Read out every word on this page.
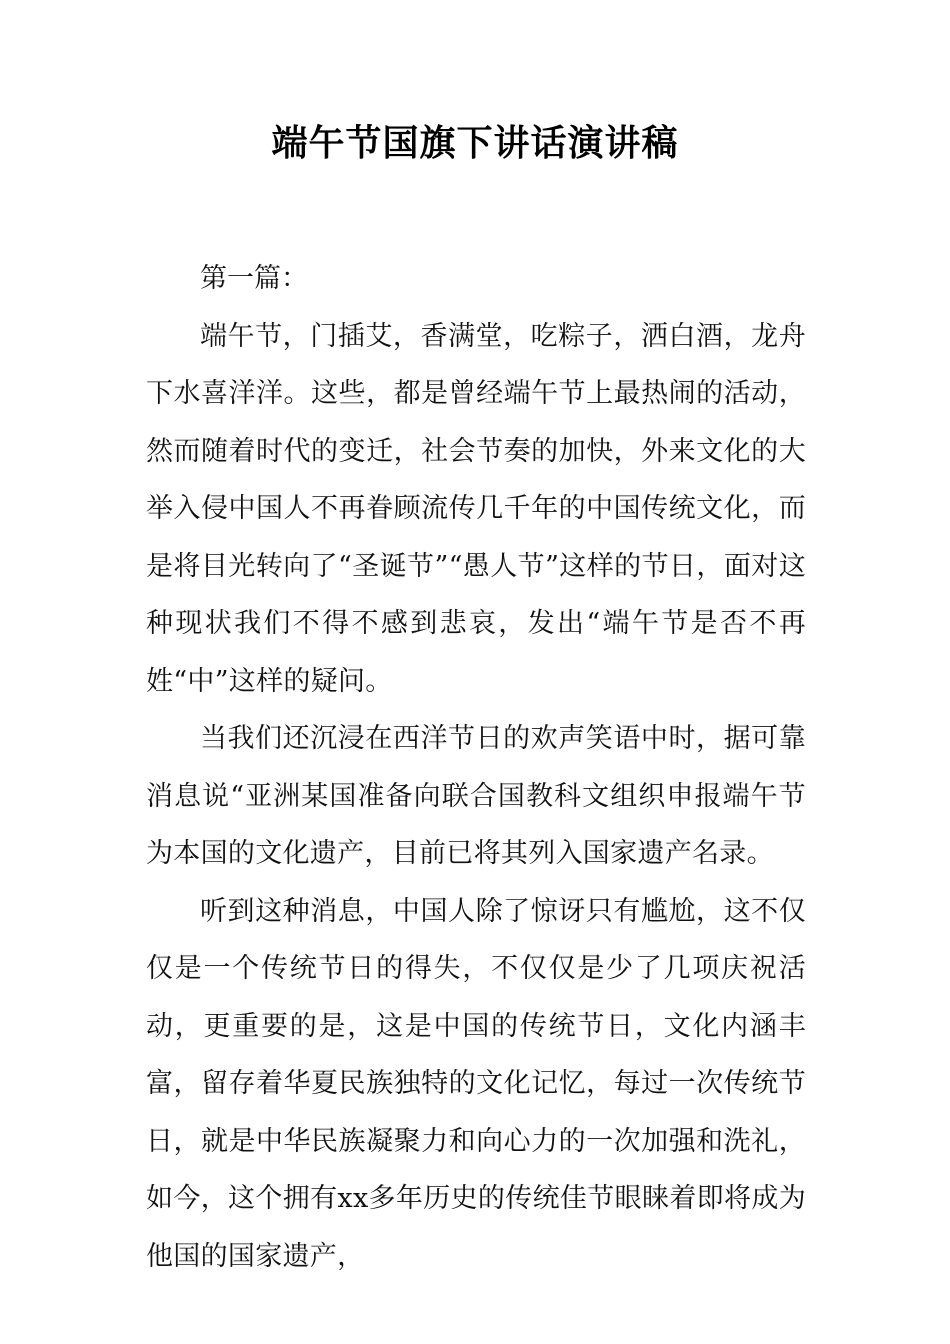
端午节国旗下讲话演讲稿

第一篇：

端午节，门插艾，香满堂，吃粽子，洒白酒，龙舟下水喜洋洋。这些，都是曾经端午节上最热闹的活动，然而随着时代的变迁，社会节奏的加快，外来文化的大举入侵中国人不再眷顾流传几千年的中国传统文化，而是将目光转向了“圣诞节”“愚人节”这样的节日，面对这种现状我们不得不感到悲哀，发出“端午节是否不再姓“中”这样的疑问。

当我们还沉浸在西洋节日的欢声笑语中时，据可靠消息说“亚洲某国准备向联合国教科文组织申报端午节为本国的文化遗产，目前已将其列入国家遗产名录。

听到这种消息，中国人除了惊讶只有尴尬，这不仅仅是一个传统节日的得失，不仅仅是少了几项庆祝活动，更重要的是，这是中国的传统节日，文化内涵丰富，留存着华夏民族独特的文化记忆，每过一次传统节日，就是中华民族凝聚力和向心力的一次加强和洗礼，如今，这个拥有xx多年历史的传统佳节眼睐着即将成为他国的国家遗产，
